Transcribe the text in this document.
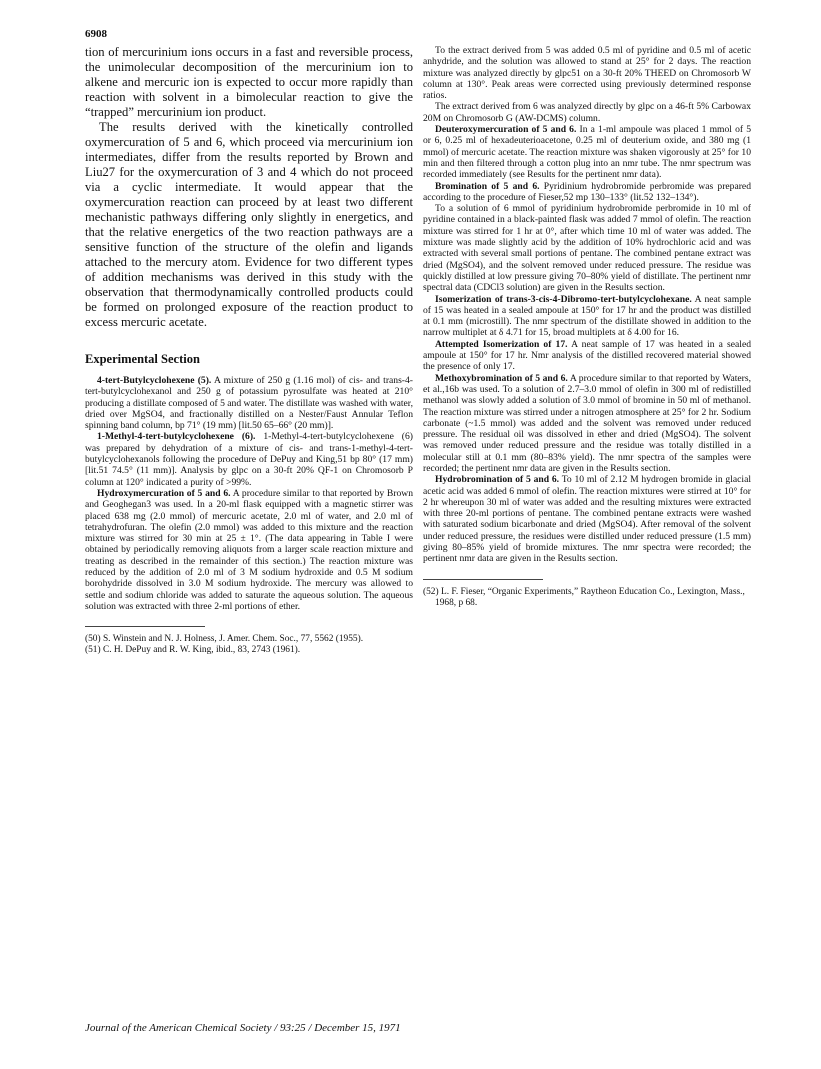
6908

tion of mercurinium ions occurs in a fast and reversible process, the unimolecular decomposition of the mercurinium ion to alkene and mercuric ion is expected to occur more rapidly than reaction with solvent in a bimolecular reaction to give the “trapped” mercurinium ion product.

The results derived with the kinetically controlled oxymercuration of 5 and 6, which proceed via mercurinium ion intermediates, differ from the results reported by Brown and Liu27 for the oxymercuration of 3 and 4 which do not proceed via a cyclic intermediate. It would appear that the oxymercuration reaction can proceed by at least two different mechanistic pathways differing only slightly in energetics, and that the relative energetics of the two reaction pathways are a sensitive function of the structure of the olefin and ligands attached to the mercury atom. Evidence for two different types of addition mechanisms was derived in this study with the observation that thermodynamically controlled products could be formed on prolonged exposure of the reaction product to excess mercuric acetate.

Experimental Section

4-tert-Butylcyclohexene (5). A mixture of 250 g (1.16 mol) of cis- and trans-4-tert-butylcyclohexanol and 250 g of potassium pyrosulfate was heated at 210° producing a distillate composed of 5 and water. The distillate was washed with water, dried over MgSO4, and fractionally distilled on a Nester/Faust Annular Teflon spinning band column, bp 71° (19 mm) [lit.50 65–66° (20 mm)].

1-Methyl-4-tert-butylcyclohexene (6). 1-Methyl-4-tert-butylcyclohexene (6) was prepared by dehydration of a mixture of cis- and trans-1-methyl-4-tert-butylcyclohexanols following the procedure of DePuy and King,51 bp 80° (17 mm) [lit.51 74.5° (11 mm)]. Analysis by glpc on a 30-ft 20% QF-1 on Chromosorb P column at 120° indicated a purity of >99%.

Hydroxymercuration of 5 and 6. A procedure similar to that reported by Brown and Geoghegan3 was used. In a 20-ml flask equipped with a magnetic stirrer was placed 638 mg (2.0 mmol) of mercuric acetate, 2.0 ml of water, and 2.0 ml of tetrahydrofuran. The olefin (2.0 mmol) was added to this mixture and the reaction mixture was stirred for 30 min at 25 ± 1°. (The data appearing in Table I were obtained by periodically removing aliquots from a larger scale reaction mixture and treating as described in the remainder of this section.) The reaction mixture was reduced by the addition of 2.0 ml of 3 M sodium hydroxide and 0.5 M sodium borohydride dissolved in 3.0 M sodium hydroxide. The mercury was allowed to settle and sodium chloride was added to saturate the aqueous solution. The aqueous solution was extracted with three 2-ml portions of ether.

(50) S. Winstein and N. J. Holness, J. Amer. Chem. Soc., 77, 5562 (1955).

(51) C. H. DePuy and R. W. King, ibid., 83, 2743 (1961).

To the extract derived from 5 was added 0.5 ml of pyridine and 0.5 ml of acetic anhydride, and the solution was allowed to stand at 25° for 2 days. The reaction mixture was analyzed directly by glpc51 on a 30-ft 20% THEED on Chromosorb W column at 130°. Peak areas were corrected using previously determined response ratios.

The extract derived from 6 was analyzed directly by glpc on a 46-ft 5% Carbowax 20M on Chromosorb G (AW-DCMS) column.

Deuteroxymercuration of 5 and 6. In a 1-ml ampoule was placed 1 mmol of 5 or 6, 0.25 ml of hexadeuterioacetone, 0.25 ml of deuterium oxide, and 380 mg (1 mmol) of mercuric acetate. The reaction mixture was shaken vigorously at 25° for 10 min and then filtered through a cotton plug into an nmr tube. The nmr spectrum was recorded immediately (see Results for the pertinent nmr data).

Bromination of 5 and 6. Pyridinium hydrobromide perbromide was prepared according to the procedure of Fieser,52 mp 130–133° (lit.52 132–134°).

To a solution of 6 mmol of pyridinium hydrobromide perbromide in 10 ml of pyridine contained in a black-painted flask was added 7 mmol of olefin. The reaction mixture was stirred for 1 hr at 0°, after which time 10 ml of water was added. The mixture was made slightly acid by the addition of 10% hydrochloric acid and was extracted with several small portions of pentane. The combined pentane extract was dried (MgSO4), and the solvent removed under reduced pressure. The residue was quickly distilled at low pressure giving 70–80% yield of distillate. The pertinent nmr spectral data (CDCl3 solution) are given in the Results section.

Isomerization of trans-3-cis-4-Dibromo-tert-butylcyclohexane. A neat sample of 15 was heated in a sealed ampoule at 150° for 17 hr and the product was distilled at 0.1 mm (microstill). The nmr spectrum of the distillate showed in addition to the narrow multiplet at δ 4.71 for 15, broad multiplets at δ 4.00 for 16.

Attempted Isomerization of 17. A neat sample of 17 was heated in a sealed ampoule at 150° for 17 hr. Nmr analysis of the distilled recovered material showed the presence of only 17.

Methoxybromination of 5 and 6. A procedure similar to that reported by Waters, et al.,16b was used. To a solution of 2.7–3.0 mmol of olefin in 300 ml of redistilled methanol was slowly added a solution of 3.0 mmol of bromine in 50 ml of methanol. The reaction mixture was stirred under a nitrogen atmosphere at 25° for 2 hr. Sodium carbonate (~1.5 mmol) was added and the solvent was removed under reduced pressure. The residual oil was dissolved in ether and dried (MgSO4). The solvent was removed under reduced pressure and the residue was totally distilled in a molecular still at 0.1 mm (80–83% yield). The nmr spectra of the samples were recorded; the pertinent nmr data are given in the Results section.

Hydrobromination of 5 and 6. To 10 ml of 2.12 M hydrogen bromide in glacial acetic acid was added 6 mmol of olefin. The reaction mixtures were stirred at 10° for 2 hr whereupon 30 ml of water was added and the resulting mixtures were extracted with three 20-ml portions of pentane. The combined pentane extracts were washed with saturated sodium bicarbonate and dried (MgSO4). After removal of the solvent under reduced pressure, the residues were distilled under reduced pressure (1.5 mm) giving 80–85% yield of bromide mixtures. The nmr spectra were recorded; the pertinent nmr data are given in the Results section.

(52) L. F. Fieser, “Organic Experiments,” Raytheon Education Co., Lexington, Mass., 1968, p 68.

Journal of the American Chemical Society / 93:25 / December 15, 1971
